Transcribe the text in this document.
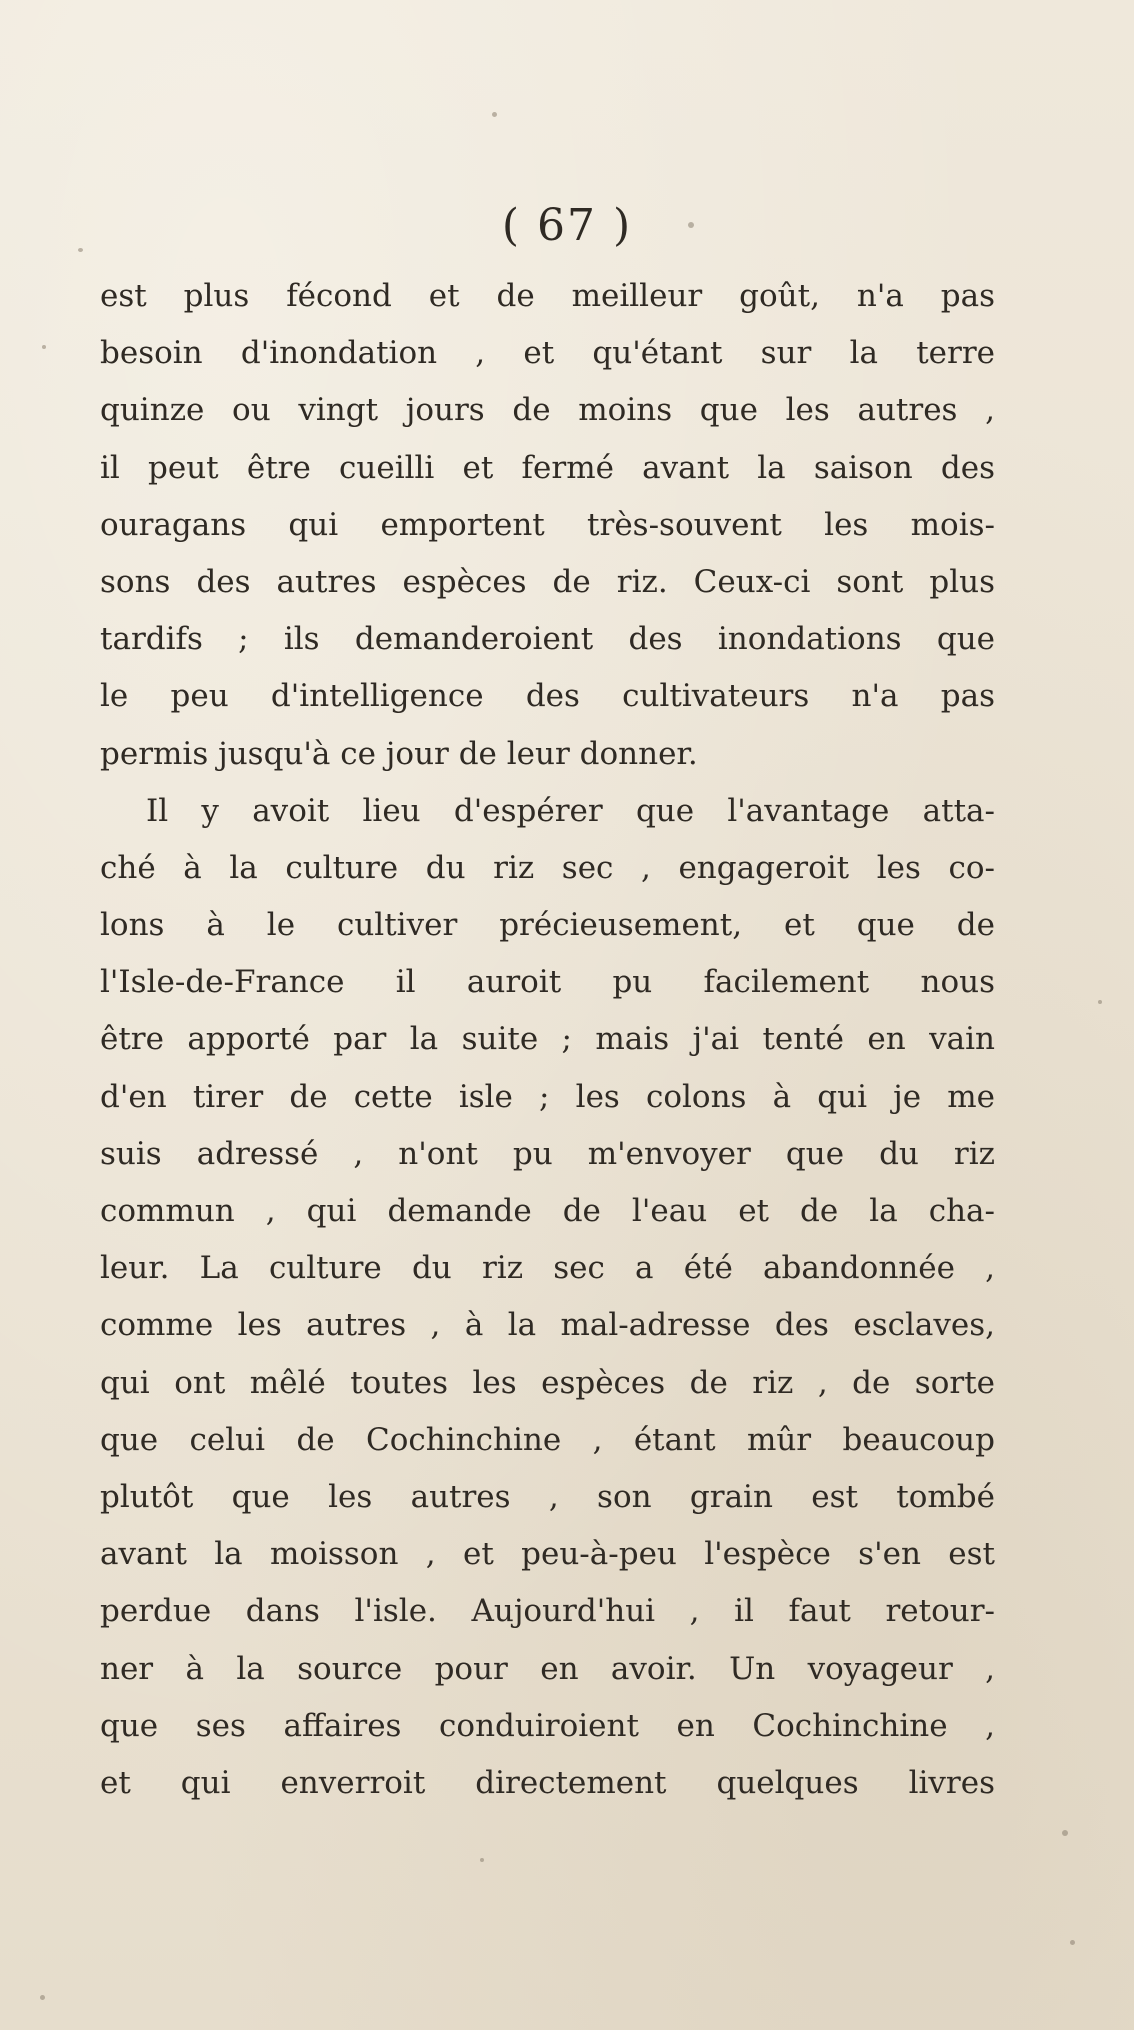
( 67 )
est plus fécond et de meilleur goût, n'a pas
besoin d'inondation , et qu'étant sur la terre
quinze ou vingt jours de moins que les autres ,
il peut être cueilli et fermé avant la saison des
ouragans qui emportent très-souvent les mois-
sons des autres espèces de riz. Ceux-ci sont plus
tardifs ; ils demanderoient des inondations que
le peu d'intelligence des cultivateurs n'a pas
permis jusqu'à ce jour de leur donner.
Il y avoit lieu d'espérer que l'avantage atta-
ché à la culture du riz sec , engageroit les co-
lons à le cultiver précieusement, et que de
l'Isle-de-France il auroit pu facilement nous
être apporté par la suite ; mais j'ai tenté en vain
d'en tirer de cette isle ; les colons à qui je me
suis adressé , n'ont pu m'envoyer que du riz
commun , qui demande de l'eau et de la cha-
leur. La culture du riz sec a été abandonnée ,
comme les autres , à la mal-adresse des esclaves,
qui ont mêlé toutes les espèces de riz , de sorte
que celui de Cochinchine , étant mûr beaucoup
plutôt que les autres , son grain est tombé
avant la moisson , et peu-à-peu l'espèce s'en est
perdue dans l'isle. Aujourd'hui , il faut retour-
ner à la source pour en avoir. Un voyageur ,
que ses affaires conduiroient en Cochinchine ,
et qui enverroit directement quelques livres
